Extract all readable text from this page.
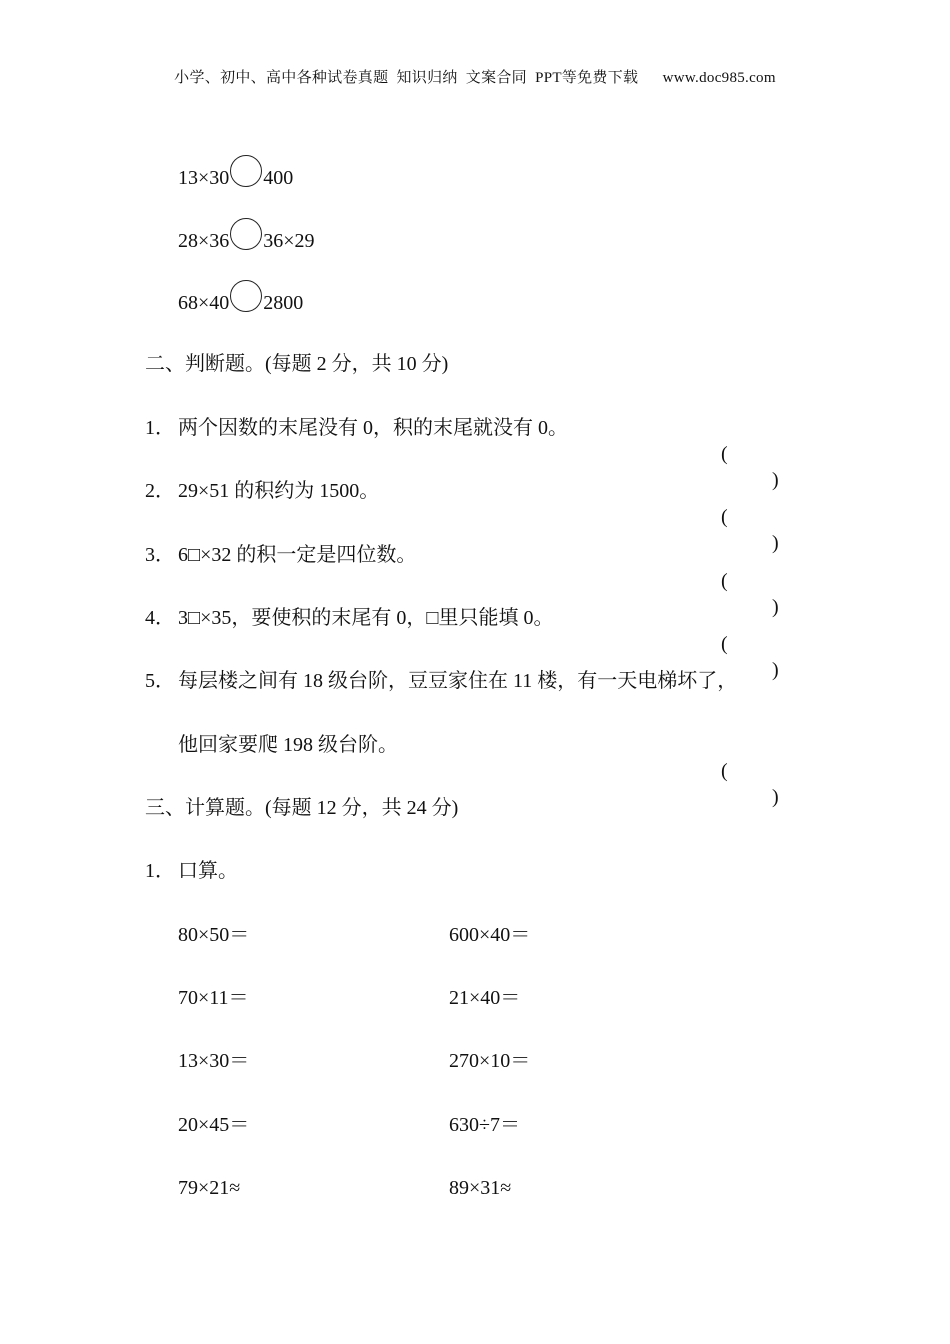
小学、初中、高中各种试卷真题  知识归纳  文案合同  PPT等免费下载      www.doc985.com
13×30 400
28×36 36×29
68×40 2800
二、判断题。(每题 2 分，共 10 分)
1． 两个因数的末尾没有 0，积的末尾就没有 0。

(

)

2． 29×51 的积约为 1500。

(

)

3． 6□×32 的积一定是四位数。

(

)

4． 3□×35，要使积的末尾有 0，□里只能填 0。

(

)

5． 每层楼之间有 18 级台阶，豆豆家住在 11 楼，有一天电梯坏了，
他回家要爬 198 级台阶。

(

)

三、计算题。(每题 12 分，共 24 分)
1． 口算。
80×50＝	600×40＝
70×11＝	21×40＝
13×30＝	270×10＝
20×45＝	630÷7＝
79×21≈	89×31≈
